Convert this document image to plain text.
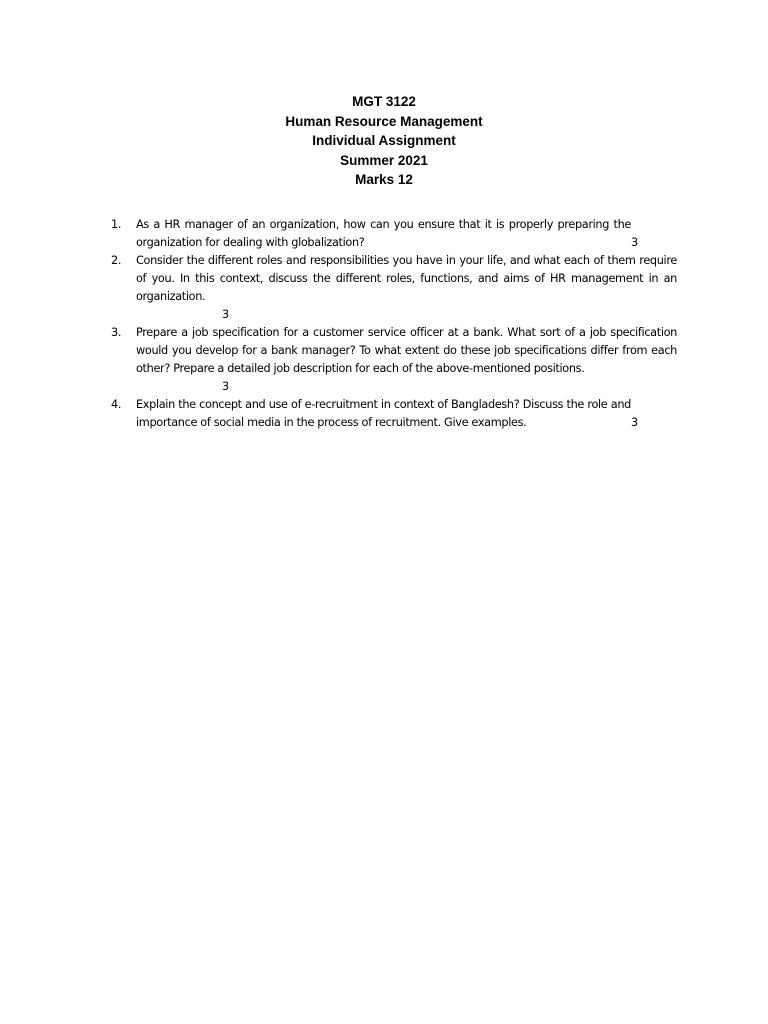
MGT 3122
Human Resource Management
Individual Assignment
Summer 2021
Marks 12
1.
3
As a HR manager of an organization, how can you ensure that it is properly preparing the organization for dealing with globalization?
2.	Consider the different roles and responsibilities you have in your life, and what each of them require of you. In this context, discuss the different roles, functions, and aims of HR management in an organization.
3
3.	Prepare a job specification for a customer service officer at a bank. What sort of a job specification would you develop for a bank manager? To what extent do these job specifications differ from each other? Prepare a detailed job description for each of the above-mentioned positions.
3
4.
3
Explain the concept and use of e-recruitment in context of Bangladesh? Discuss the role and importance of social media in the process of recruitment. Give examples.
